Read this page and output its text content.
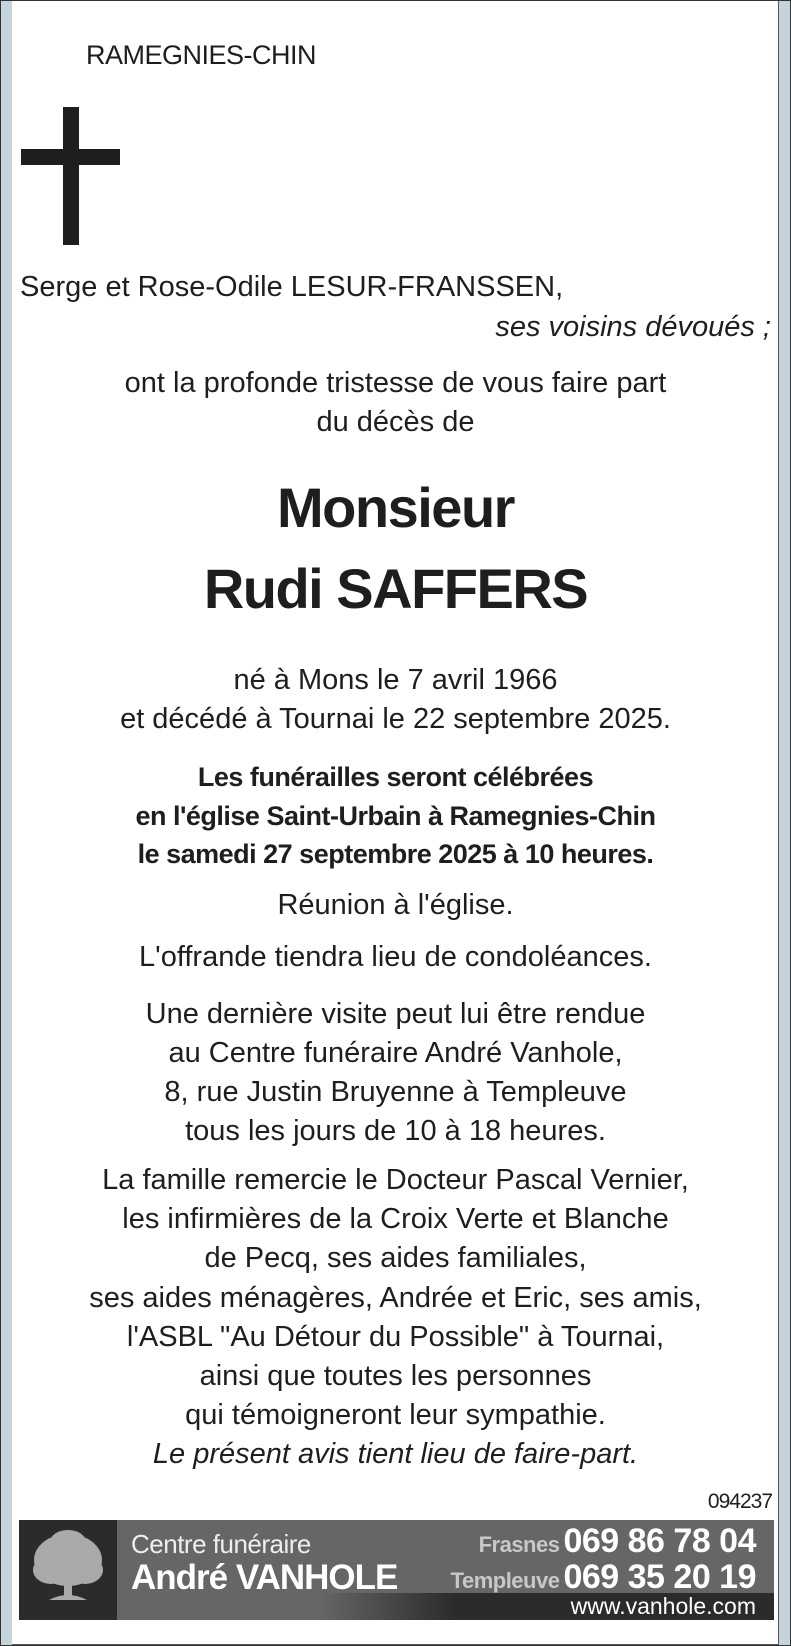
RAMEGNIES-CHIN
Serge et Rose-Odile LESUR-FRANSSEN,
ses voisins dévoués ;
ont la profonde tristesse de vous faire part
du décès de
Monsieur
Rudi SAFFERS
né à Mons le 7 avril 1966
et décédé à Tournai le 22 septembre 2025.
Les funérailles seront célébrées
en l'église Saint-Urbain à Ramegnies-Chin
le samedi 27 septembre 2025 à 10 heures.
Réunion à l'église.
L'offrande tiendra lieu de condoléances.
Une dernière visite peut lui être rendue
au Centre funéraire André Vanhole,
8, rue Justin Bruyenne à Templeuve
tous les jours de 10 à 18 heures.
La famille remercie le Docteur Pascal Vernier,
les infirmières de la Croix Verte et Blanche
de Pecq, ses aides familiales,
ses aides ménagères, Andrée et Eric, ses amis,
l'ASBL "Au Détour du Possible" à Tournai,
ainsi que toutes les personnes
qui témoigneront leur sympathie.
Le présent avis tient lieu de faire-part.
094237
Centre funéraire
André VANHOLE
Frasnes 069 86 78 04
Templeuve 069 35 20 19
www.vanhole.com
